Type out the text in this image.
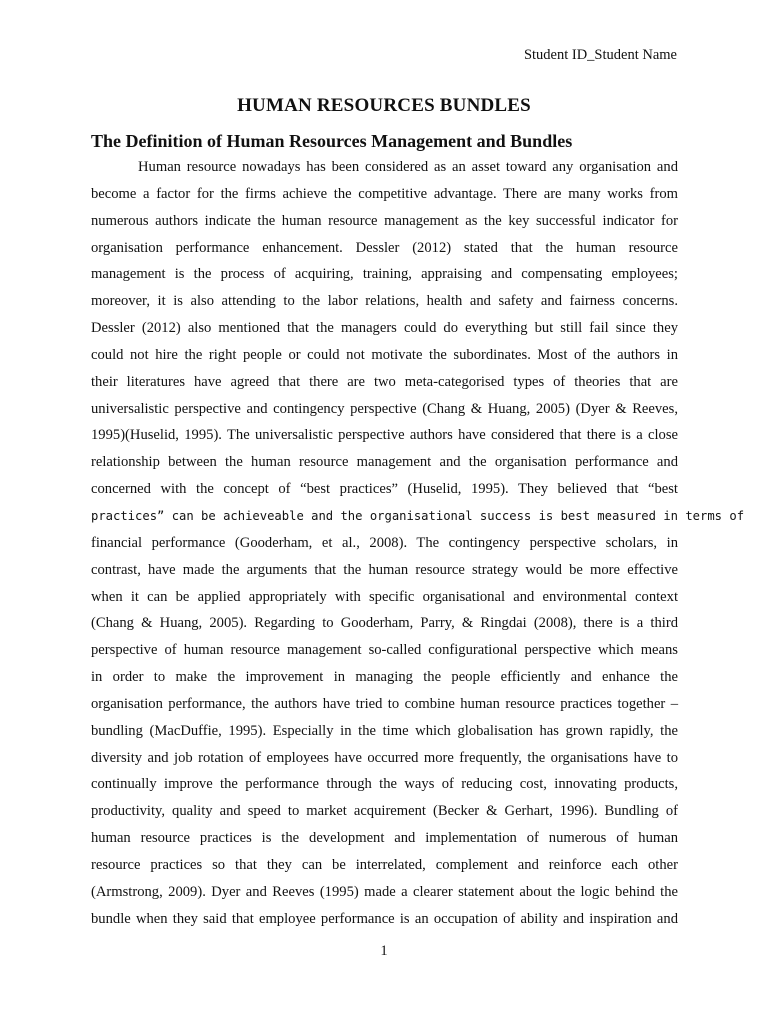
Student ID_Student Name
HUMAN RESOURCES BUNDLES
The Definition of Human Resources Management and Bundles
Human resource nowadays has been considered as an asset toward any organisation and
become a factor for the firms achieve the competitive advantage. There are many works from
numerous authors indicate the human resource management as the key successful indicator for
organisation performance enhancement. Dessler (2012) stated that the human resource
management is the process of acquiring, training, appraising and compensating employees;
moreover, it is also attending to the labor relations, health and safety and fairness concerns.
Dessler (2012) also mentioned that the managers could do everything but still fail since they
could not hire the right people or could not motivate the subordinates. Most of the authors in
their literatures have agreed that there are two meta-categorised types of theories that are
universalistic perspective and contingency perspective (Chang & Huang, 2005) (Dyer & Reeves,
1995)(Huselid, 1995). The universalistic perspective authors have considered that there is a close
relationship between the human resource management and the organisation performance and
concerned with the concept of “best practices” (Huselid, 1995). They believed that “best
practices” can be achieveable and the organisational success is best measured in terms of
financial performance (Gooderham, et al., 2008). The contingency perspective scholars, in
contrast, have made the arguments that the human resource strategy would be more effective
when it can be applied appropriately with specific organisational and environmental context
(Chang & Huang, 2005). Regarding to Gooderham, Parry, & Ringdai (2008), there is a third
perspective of human resource management so-called configurational perspective which means
in order to make the improvement in managing the people efficiently and enhance the
organisation performance, the authors have tried to combine human resource practices together –
bundling (MacDuffie, 1995). Especially in the time which globalisation has grown rapidly, the
diversity and job rotation of employees have occurred more frequently, the organisations have to
continually improve the performance through the ways of reducing cost, innovating products,
productivity, quality and speed to market acquirement (Becker & Gerhart, 1996). Bundling of
human resource practices is the development and implementation of numerous of human
resource practices so that they can be interrelated, complement and reinforce each other
(Armstrong, 2009). Dyer and Reeves (1995) made a clearer statement about the logic behind the
bundle when they said that employee performance is an occupation of ability and inspiration and
1
